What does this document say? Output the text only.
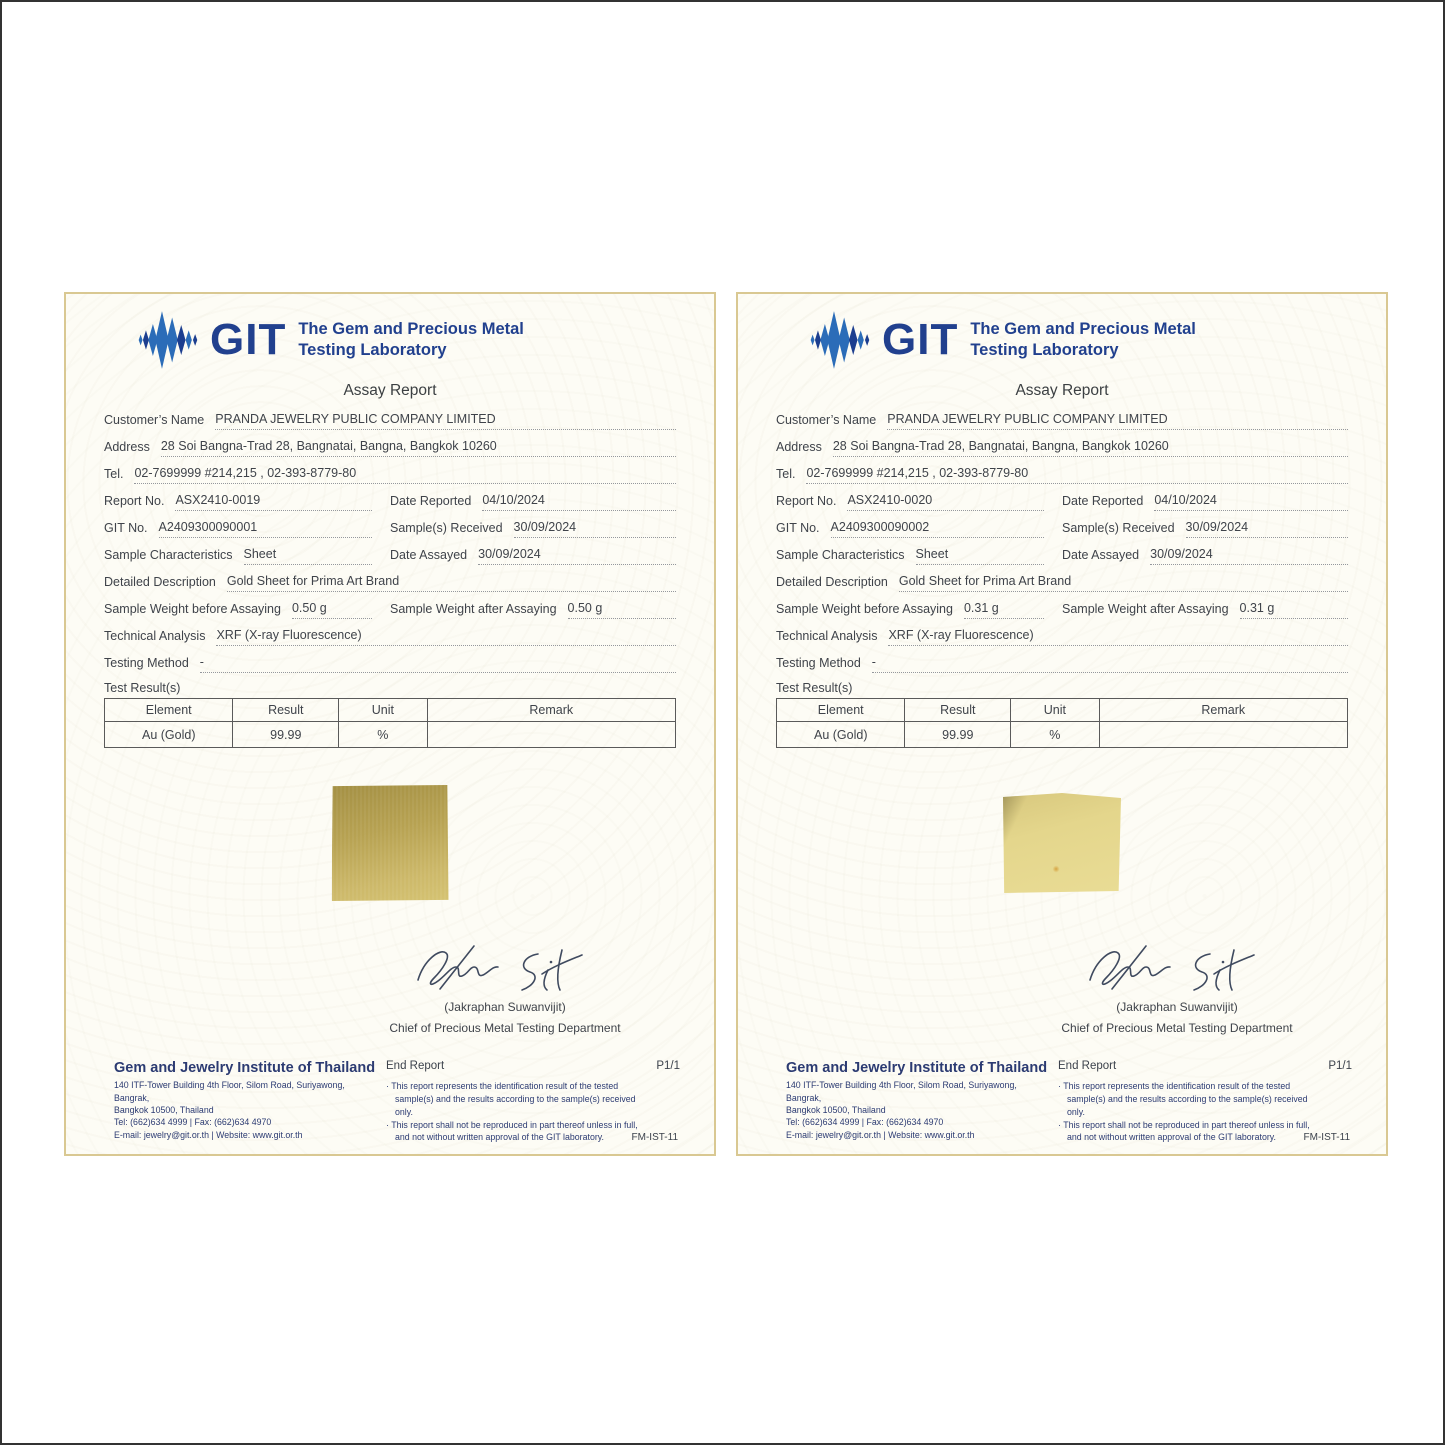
GIT The Gem and Precious Metal
Testing Laboratory
Assay Report
Customer’s Name PRANDA JEWELRY PUBLIC COMPANY LIMITED
Address 28 Soi Bangna-Trad 28, Bangnatai, Bangna, Bangkok 10260
Tel. 02-7699999 #214,215 , 02-393-8779-80
Report No. ASX2410-0019	Date Reported 04/10/2024
GIT No. A2409300090001	Sample(s) Received 30/09/2024
Sample Characteristics Sheet	Date Assayed 30/09/2024
Detailed Description Gold Sheet for Prima Art Brand
Sample Weight before Assaying 0.50 g	Sample Weight after Assaying 0.50 g
Technical Analysis XRF (X-ray Fluorescence)
Testing Method -
Test Result(s)
Element	Result	Unit	Remark
Au (Gold)	99.99	%	
(Jakraphan Suwanvijit)
Chief of Precious Metal Testing Department
Gem and Jewelry Institute of Thailand
140 ITF-Tower Building 4th Floor, Silom Road, Suriyawong, Bangrak,
Bangkok 10500, Thailand
Tel: (662)634 4999 | Fax: (662)634 4970
E-mail: jewelry@git.or.th | Website: www.git.or.th
End Report	P1/1
· This report represents the identification result of the tested sample(s) and the results according to the sample(s) received only.
· This report shall not be reproduced in part thereof unless in full, and not without written approval of the GIT laboratory.	FM-IST-11
GIT The Gem and Precious Metal
Testing Laboratory
Assay Report
Customer’s Name PRANDA JEWELRY PUBLIC COMPANY LIMITED
Address 28 Soi Bangna-Trad 28, Bangnatai, Bangna, Bangkok 10260
Tel. 02-7699999 #214,215 , 02-393-8779-80
Report No. ASX2410-0020	Date Reported 04/10/2024
GIT No. A2409300090002	Sample(s) Received 30/09/2024
Sample Characteristics Sheet	Date Assayed 30/09/2024
Detailed Description Gold Sheet for Prima Art Brand
Sample Weight before Assaying 0.31 g	Sample Weight after Assaying 0.31 g
Technical Analysis XRF (X-ray Fluorescence)
Testing Method -
Test Result(s)
Element	Result	Unit	Remark
Au (Gold)	99.99	%	
(Jakraphan Suwanvijit)
Chief of Precious Metal Testing Department
Gem and Jewelry Institute of Thailand
140 ITF-Tower Building 4th Floor, Silom Road, Suriyawong, Bangrak,
Bangkok 10500, Thailand
Tel: (662)634 4999 | Fax: (662)634 4970
E-mail: jewelry@git.or.th | Website: www.git.or.th
End Report	P1/1
· This report represents the identification result of the tested sample(s) and the results according to the sample(s) received only.
· This report shall not be reproduced in part thereof unless in full, and not without written approval of the GIT laboratory.	FM-IST-11
